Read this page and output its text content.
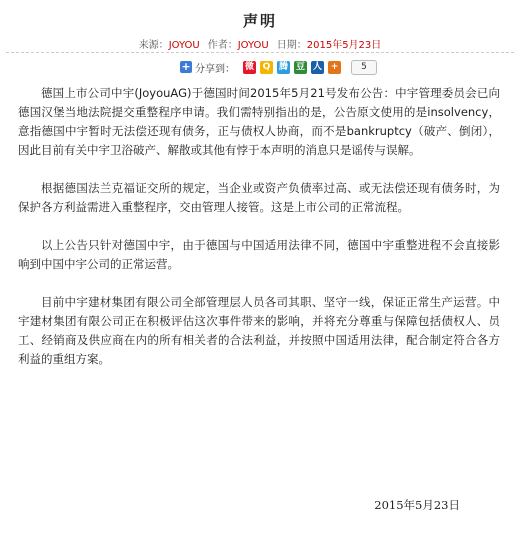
声明
来源：JOYOU 作者：JOYOU 日期：2015年5月23日
+ 分享到： 微 Q 腾 豆 人 +	5

德国上市公司中宇(JoyouAG)于德国时间2015年5月21号发布公告：中宇管理委员会已向德国汉堡当地法院提交重整程序申请。我们需特别指出的是，公告原文使用的是insolvency，意指德国中宇暂时无法偿还现有债务，正与债权人协商，而不是bankruptcy（破产、倒闭），因此目前有关中宇卫浴破产、解散或其他有悖于本声明的消息只是谣传与误解。

根据德国法兰克福证交所的规定，当企业或资产负债率过高、或无法偿还现有债务时，为保护各方利益需进入重整程序，交由管理人接管。这是上市公司的正常流程。

以上公告只针对德国中宇，由于德国与中国适用法律不同，德国中宇重整进程不会直接影响到中国中宇公司的正常运营。

目前中宇建材集团有限公司全部管理层人员各司其职、坚守一线，保证正常生产运营。中宇建材集团有限公司正在积极评估这次事件带来的影响，并将充分尊重与保障包括债权人、员工、经销商及供应商在内的所有相关者的合法利益，并按照中国适用法律，配合制定符合各方利益的重组方案。

2015年5月23日
